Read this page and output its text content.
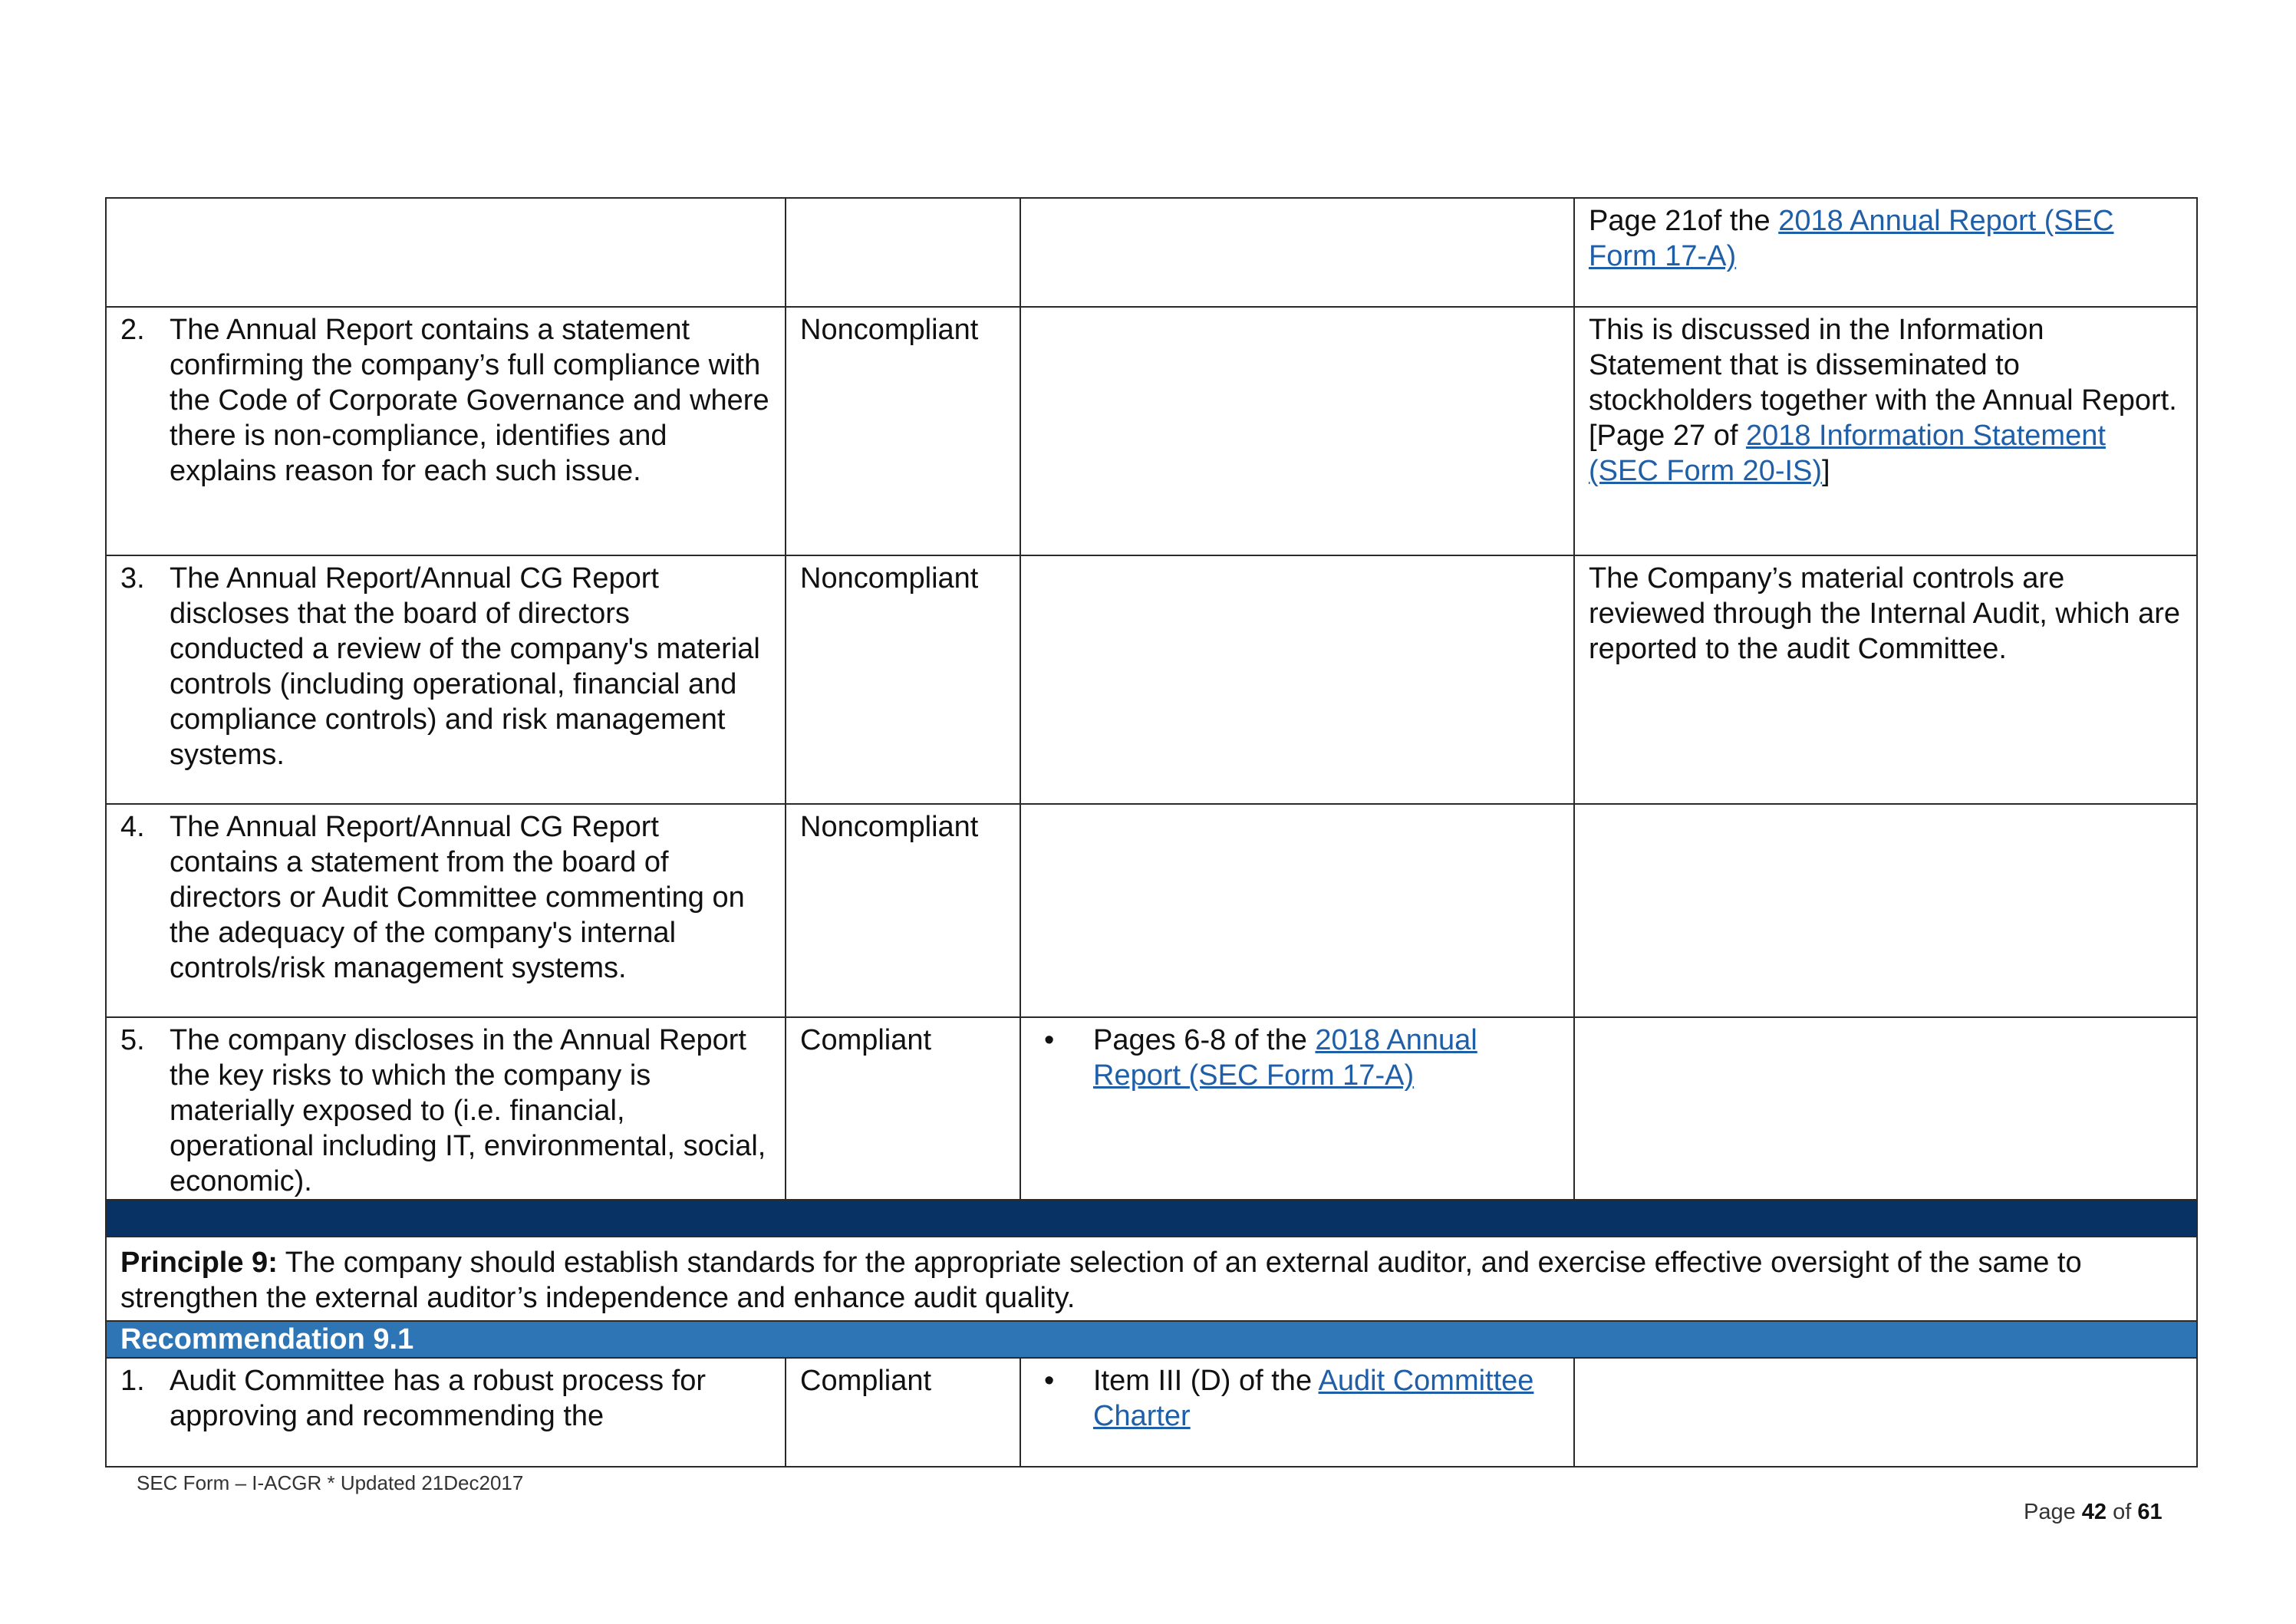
			Page 21of the 2018 Annual Report (SEC Form 17-A)

2. The Annual Report contains a statement confirming the company’s full compliance with the Code of Corporate Governance and where there is non-compliance, identifies and explains reason for each such issue.	Noncompliant		This is discussed in the Information Statement that is disseminated to stockholders together with the Annual Report. [Page 27 of 2018 Information Statement (SEC Form 20-IS)]

3. The Annual Report/Annual CG Report discloses that the board of directors conducted a review of the company's material controls (including operational, financial and compliance controls) and risk management systems.	Noncompliant		The Company’s material controls are reviewed through the Internal Audit, which are reported to the audit Committee.

4. The Annual Report/Annual CG Report contains a statement from the board of directors or Audit Committee commenting on the adequacy of the company's internal controls/risk management systems.	Noncompliant		

5. The company discloses in the Annual Report the key risks to which the company is materially exposed to (i.e. financial, operational including IT, environmental, social, economic).	Compliant	• Pages 6-8 of the 2018 Annual Report (SEC Form 17-A)	

Principle 9: The company should establish standards for the appropriate selection of an external auditor, and exercise effective oversight of the same to strengthen the external auditor’s independence and enhance audit quality.			
Recommendation 9.1			

1. Audit Committee has a robust process for approving and recommending the	Compliant	• Item III (D) of the Audit Committee Charter	

SEC Form – I-ACGR * Updated 21Dec2017
Page 42 of 61
